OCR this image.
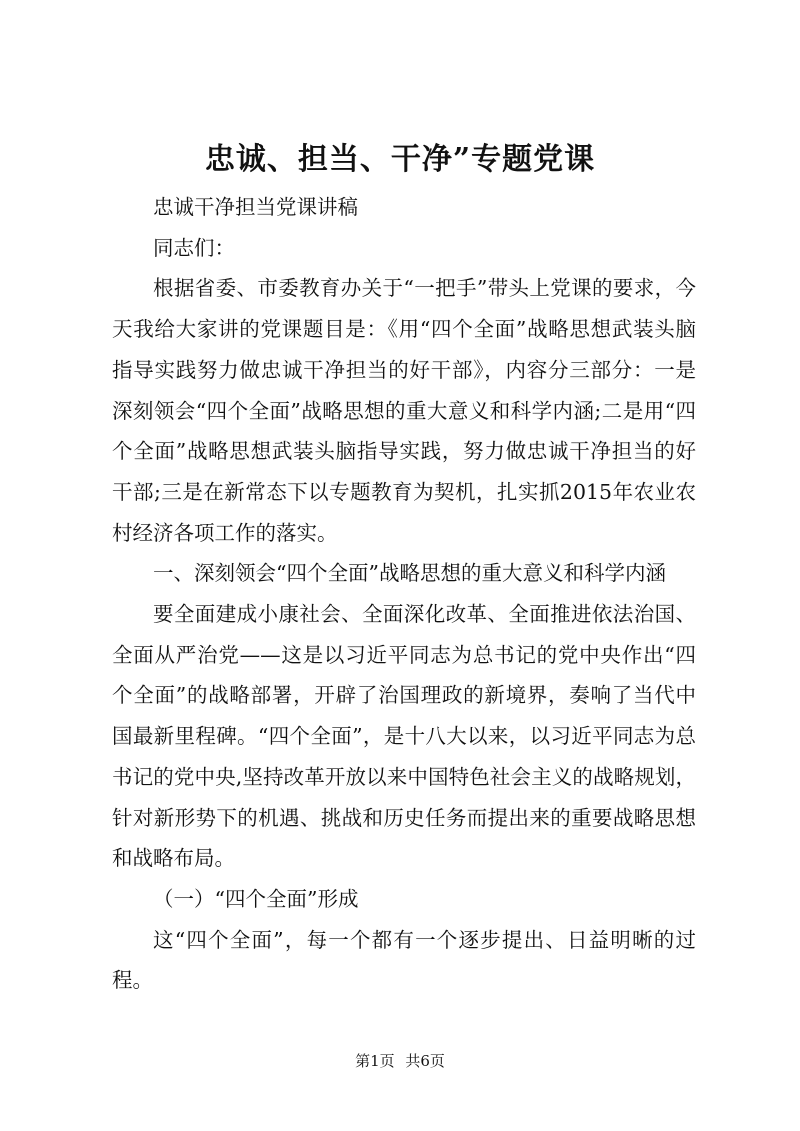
忠诚、担当、干净”专题党课

忠诚干净担当党课讲稿

同志们：

根据省委、市委教育办关于“一把手”带头上党课的要求，今天我给大家讲的党课题目是：《用“四个全面”战略思想武装头脑指导实践努力做忠诚干净担当的好干部》，内容分三部分：一是深刻领会“四个全面”战略思想的重大意义和科学内涵;二是用“四个全面”战略思想武装头脑指导实践，努力做忠诚干净担当的好干部;三是在新常态下以专题教育为契机，扎实抓2015年农业农村经济各项工作的落实。

一、深刻领会“四个全面”战略思想的重大意义和科学内涵

要全面建成小康社会、全面深化改革、全面推进依法治国、全面从严治党——这是以习近平同志为总书记的党中央作出“四个全面”的战略部署，开辟了治国理政的新境界，奏响了当代中国最新里程碑。“四个全面”，是十八大以来，以习近平同志为总书记的党中央,坚持改革开放以来中国特色社会主义的战略规划，针对新形势下的机遇、挑战和历史任务而提出来的重要战略思想和战略布局。

（一）“四个全面”形成

这“四个全面”，每一个都有一个逐步提出、日益明晰的过程。

第1页 共6页
